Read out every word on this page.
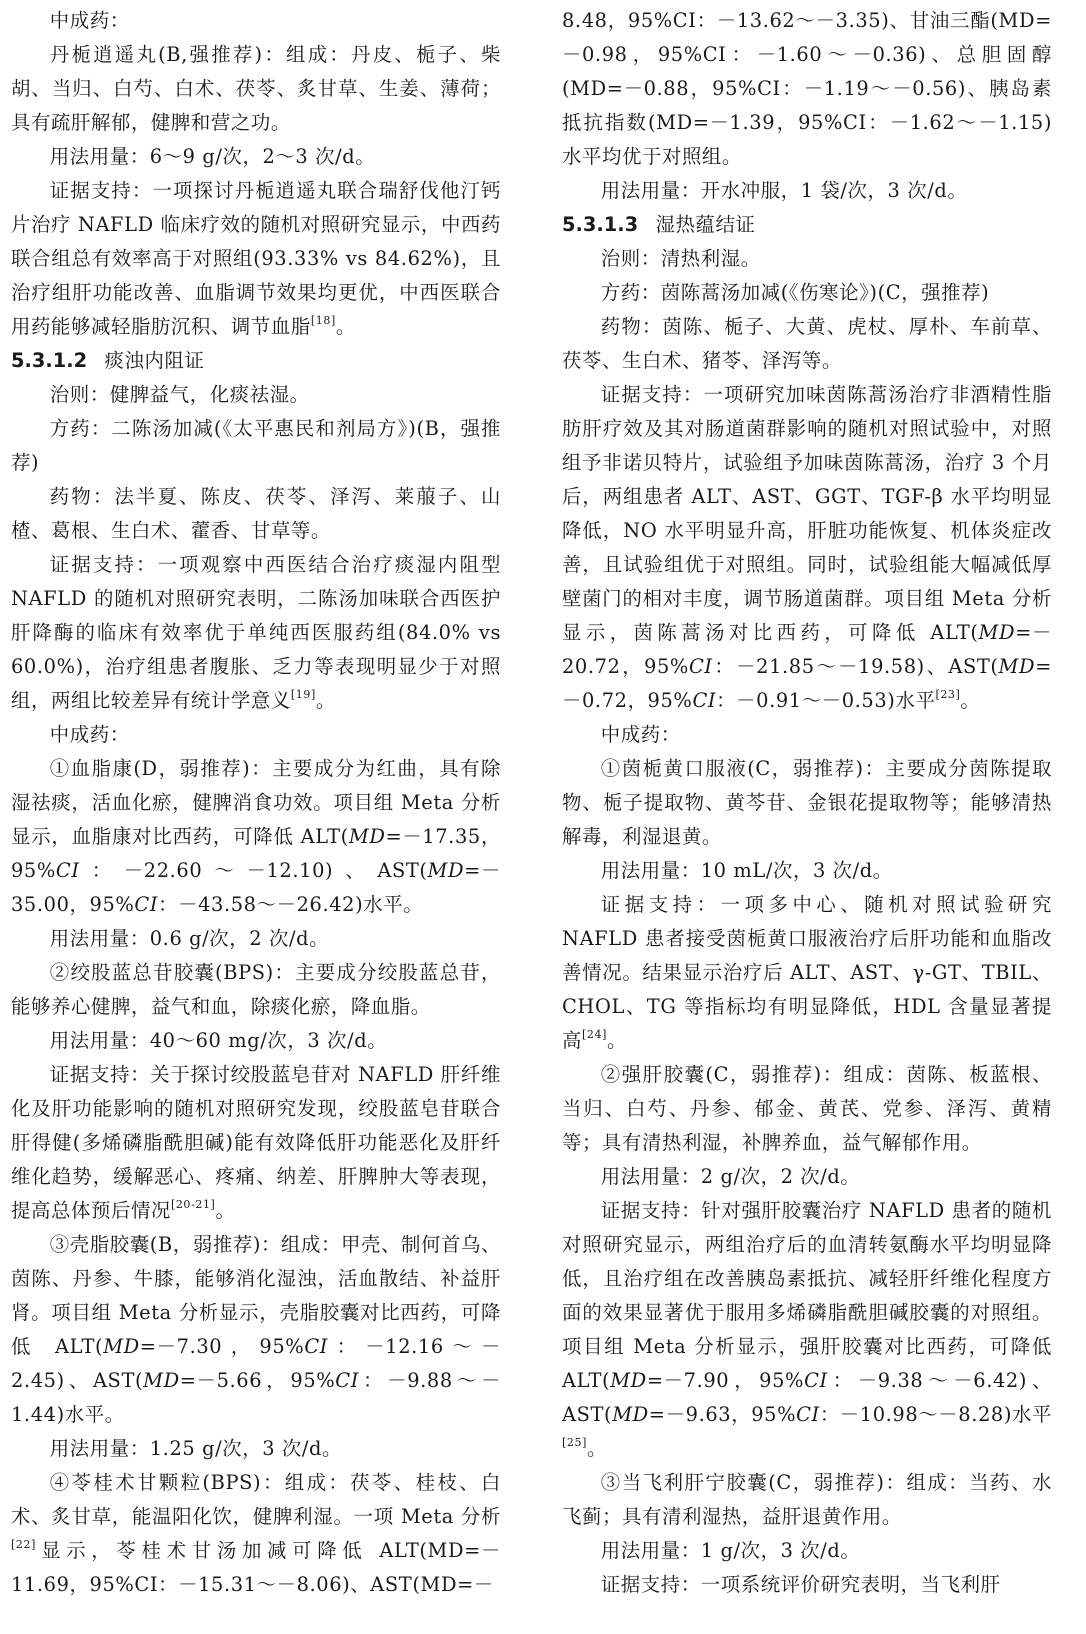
中成药：

丹栀逍遥丸(B,强推荐)：组成：丹皮、栀子、柴胡、当归、白芍、白术、茯苓、炙甘草、生姜、薄荷；具有疏肝解郁，健脾和营之功。

用法用量：6～9 g/次，2～3 次/d。

证据支持：一项探讨丹栀逍遥丸联合瑞舒伐他汀钙片治疗 NAFLD 临床疗效的随机对照研究显示，中西药联合组总有效率高于对照组(93.33% vs 84.62%)，且治疗组肝功能改善、血脂调节效果均更优，中西医联合用药能够减轻脂肪沉积、调节血脂[18]。

5.3.1.2 痰浊内阻证

治则：健脾益气，化痰祛湿。

方药：二陈汤加减(《太平惠民和剂局方》)(B，强推荐)

药物：法半夏、陈皮、茯苓、泽泻、莱菔子、山楂、葛根、生白术、藿香、甘草等。

证据支持：一项观察中西医结合治疗痰湿内阻型 NAFLD 的随机对照研究表明，二陈汤加味联合西医护肝降酶的临床有效率优于单纯西医服药组(84.0% vs 60.0%)，治疗组患者腹胀、乏力等表现明显少于对照组，两组比较差异有统计学意义[19]。

中成药：

①血脂康(D，弱推荐)：主要成分为红曲，具有除湿祛痰，活血化瘀，健脾消食功效。项目组 Meta 分析显示，血脂康对比西药，可降低 ALT(MD=－17.35，95%CI：－22.60～－12.10)、AST(MD=－35.00，95%CI：－43.58～－26.42)水平。

用法用量：0.6 g/次，2 次/d。

②绞股蓝总苷胶囊(BPS)：主要成分绞股蓝总苷，能够养心健脾，益气和血，除痰化瘀，降血脂。

用法用量：40～60 mg/次，3 次/d。

证据支持：关于探讨绞股蓝皂苷对 NAFLD 肝纤维化及肝功能影响的随机对照研究发现，绞股蓝皂苷联合肝得健(多烯磷脂酰胆碱)能有效降低肝功能恶化及肝纤维化趋势，缓解恶心、疼痛、纳差、肝脾肿大等表现，提高总体预后情况[20-21]。

③壳脂胶囊(B，弱推荐)：组成：甲壳、制何首乌、茵陈、丹参、牛膝，能够消化湿浊，活血散结、补益肝肾。项目组 Meta 分析显示，壳脂胶囊对比西药，可降低 ALT(MD=－7.30，95%CI：－12.16～－2.45)、AST(MD=－5.66，95%CI：－9.88～－1.44)水平。

用法用量：1.25 g/次，3 次/d。

④苓桂术甘颗粒(BPS)：组成：茯苓、桂枝、白术、炙甘草，能温阳化饮，健脾利湿。一项 Meta 分析[22]显示，苓桂术甘汤加减可降低 ALT(MD=－11.69，95%CI：－15.31～－8.06)、AST(MD=－

8.48，95%CI：－13.62～－3.35)、甘油三酯(MD=－0.98，95%CI：－1.60～－0.36)、总胆固醇(MD=－0.88，95%CI：－1.19～－0.56)、胰岛素抵抗指数(MD=－1.39，95%CI：－1.62～－1.15)水平均优于对照组。

用法用量：开水冲服，1 袋/次，3 次/d。

5.3.1.3 湿热蕴结证

治则：清热利湿。

方药：茵陈蒿汤加减(《伤寒论》)(C，强推荐)

药物：茵陈、栀子、大黄、虎杖、厚朴、车前草、茯苓、生白术、猪苓、泽泻等。

证据支持：一项研究加味茵陈蒿汤治疗非酒精性脂肪肝疗效及其对肠道菌群影响的随机对照试验中，对照组予非诺贝特片，试验组予加味茵陈蒿汤，治疗 3 个月后，两组患者 ALT、AST、GGT、TGF-β 水平均明显降低，NO 水平明显升高，肝脏功能恢复、机体炎症改善，且试验组优于对照组。同时，试验组能大幅减低厚壁菌门的相对丰度，调节肠道菌群。项目组 Meta 分析显示，茵陈蒿汤对比西药，可降低 ALT(MD=－20.72，95%CI：－21.85～－19.58)、AST(MD=－0.72，95%CI：－0.91～－0.53)水平[23]。

中成药：

①茵栀黄口服液(C，弱推荐)：主要成分茵陈提取物、栀子提取物、黄芩苷、金银花提取物等；能够清热解毒，利湿退黄。

用法用量：10 mL/次，3 次/d。

证据支持：一项多中心、随机对照试验研究 NAFLD 患者接受茵栀黄口服液治疗后肝功能和血脂改善情况。结果显示治疗后 ALT、AST、γ-GT、TBIL、CHOL、TG 等指标均有明显降低，HDL 含量显著提高[24]。

②强肝胶囊(C，弱推荐)：组成：茵陈、板蓝根、当归、白芍、丹参、郁金、黄芪、党参、泽泻、黄精等；具有清热利湿，补脾养血，益气解郁作用。

用法用量：2 g/次，2 次/d。

证据支持：针对强肝胶囊治疗 NAFLD 患者的随机对照研究显示，两组治疗后的血清转氨酶水平均明显降低，且治疗组在改善胰岛素抵抗、减轻肝纤维化程度方面的效果显著优于服用多烯磷脂酰胆碱胶囊的对照组。项目组 Meta 分析显示，强肝胶囊对比西药，可降低 ALT(MD=－7.90，95%CI：－9.38～－6.42)、AST(MD=－9.63，95%CI：－10.98～－8.28)水平[25]。

③当飞利肝宁胶囊(C，弱推荐)：组成：当药、水飞蓟；具有清利湿热，益肝退黄作用。

用法用量：1 g/次，3 次/d。

证据支持：一项系统评价研究表明，当飞利肝
